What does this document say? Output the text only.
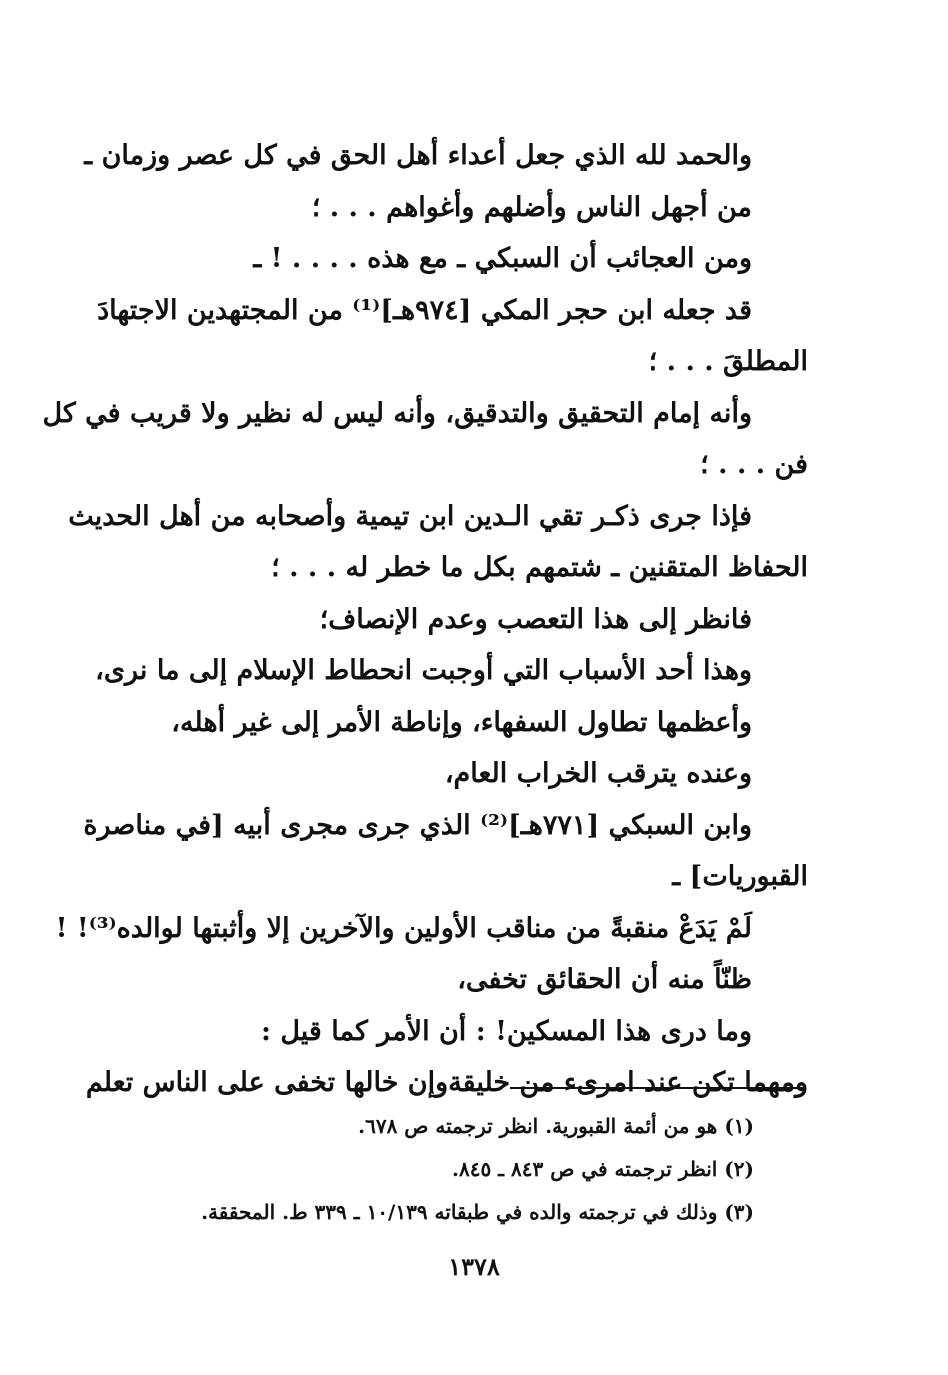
والحمد لله الذي جعل أعداء أهل الحق في كل عصر وزمان ـ
من أجهل الناس وأضلهم وأغواهم . . . ؛
ومن العجائب أن السبكي ـ مع هذه . . . . ! ـ
قد جعله ابن حجر المكي [٩٧٤هـ]⁽¹⁾ من المجتهدين الاجتهادَ
المطلقَ . . . ؛
وأنه إمام التحقيق والتدقيق، وأنه ليس له نظير ولا قريب في كل
فن . . . ؛
فإذا جرى ذكـر تقي الـدين ابن تيمية وأصحابه من أهل الحديث
الحفاظ المتقنين ـ شتمهم بكل ما خطر له . . . ؛
فانظر إلى هذا التعصب وعدم الإنصاف؛
وهذا أحد الأسباب التي أوجبت انحطاط الإسلام إلى ما نرى،
وأعظمها تطاول السفهاء، وإناطة الأمر إلى غير أهله،
وعنده يترقب الخراب العام،
وابن السبكي [٧٧١هـ]⁽²⁾ الذي جرى مجرى أبيه [في مناصرة
القبوريات] ـ
لَمْ يَدَعْ منقبةً من مناقب الأولين والآخرين إلا وأثبتها لوالده⁽³⁾! !
ظنّاً منه أن الحقائق تخفى،
وما درى هذا المسكين! : أن الأمر كما قيل :
ومهما تكن عند امرىء من خليقة
وإن خالها تخفى على الناس تعلم
(١) هو من أئمة القبورية. انظر ترجمته ص ٦٧٨.
(٢) انظر ترجمته في ص ٨٤٣ ـ ٨٤٥.
(٣) وذلك في ترجمته والده في طبقاته ١٠/١٣٩ ـ ٣٣٩ ط. المحققة.
١٣٧٨
